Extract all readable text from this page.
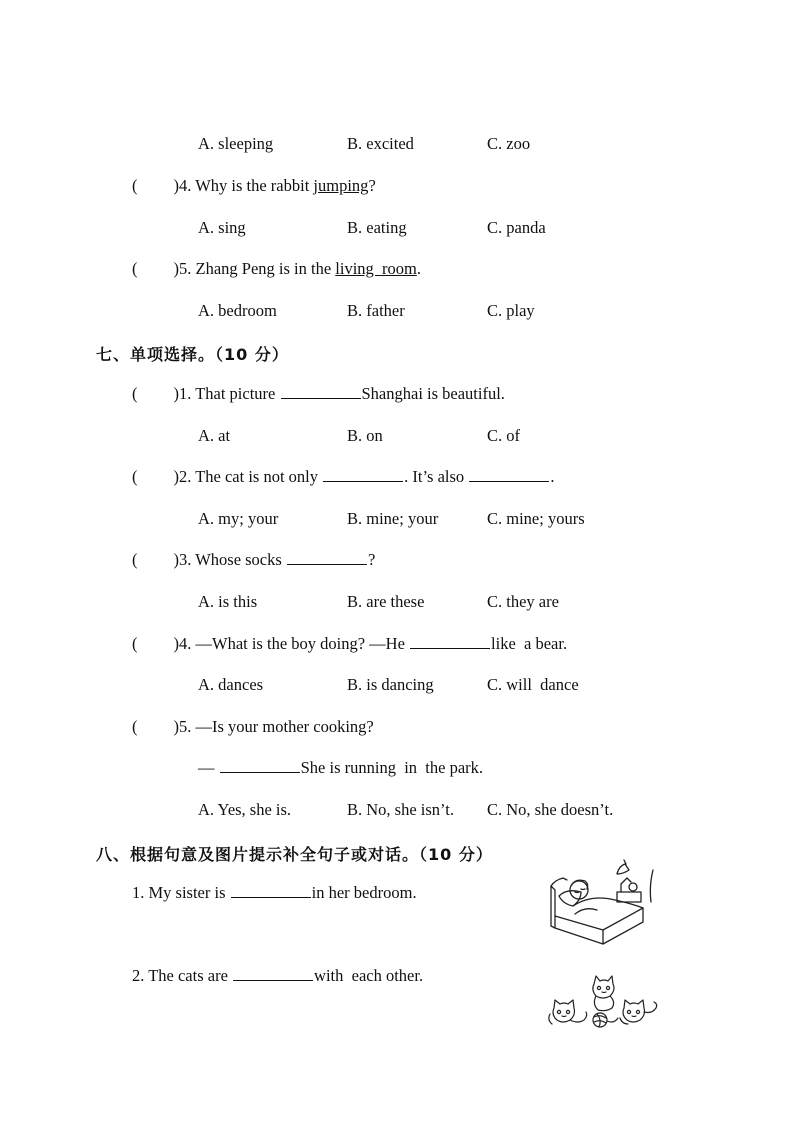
A. sleeping	B. excited	C. zoo
( )4. Why is the rabbit jumping?
A. sing	B. eating	C. panda
( )5. Zhang Peng is in the living  room.
A. bedroom	B. father	C. play
七、单项选择。（10 分）
( )1. That picture	Shanghai is beautiful.
A. at	B. on	C. of
( )2. The cat is not only	. It’s also	.
A. my; your	B. mine; your	C. mine; yours
( )3. Whose socks	?
A. is this	B. are these	C. they are
( )4. —What is the boy doing? —He	like  a bear.
A. dances	B. is dancing	C. will  dance
( )5. —Is your mother cooking?
—	She is running  in  the park.
A. Yes, she is.	B. No, she isn’t. C. No, she doesn’t.
八、根据句意及图片提示补全句子或对话。（10 分）
1. My sister is	in her bedroom.
2. The cats are	with  each other.
